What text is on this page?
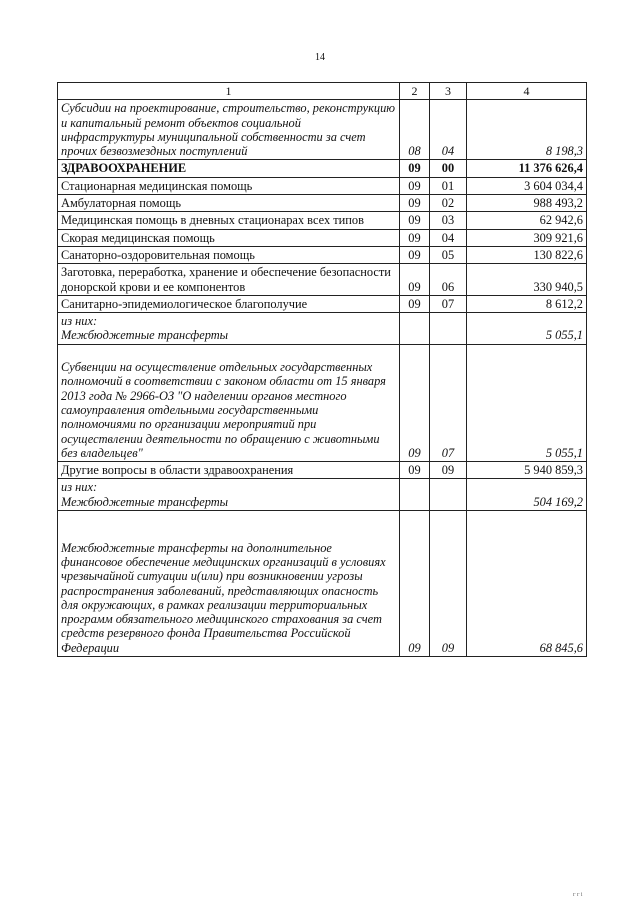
14
1	2	3	4
Субсидии на проектирование, строительство, реконструкцию и капитальный ремонт объектов социальной инфраструктуры муниципальной собственности за счет прочих безвозмездных поступлений	08	04	8 198,3
ЗДРАВООХРАНЕНИЕ	09	00	11 376 626,4
Стационарная медицинская помощь	09	01	3 604 034,4
Амбулаторная помощь	09	02	988 493,2
Медицинская помощь в дневных стационарах всех типов	09	03	62 942,6
Скорая медицинская помощь	09	04	309 921,6
Санаторно-оздоровительная помощь	09	05	130 822,6
Заготовка, переработка, хранение и обеспечение безопасности донорской крови и ее компонентов	09	06	330 940,5
Санитарно-эпидемиологическое благополучие	09	07	8 612,2
из них:
Межбюджетные трансферты			5 055,1

Субвенции на осуществление отдельных государственных полномочий в соответствии с законом области от 15 января 2013 года № 2966-ОЗ "О наделении органов местного самоуправления отдельными государственными полномочиями по организации мероприятий при осуществлении деятельности по обращению с животными без владельцев"	09	07	5 055,1
Другие вопросы в области здравоохранения	09	09	5 940 859,3
из них:
Межбюджетные трансферты			504 169,2

Межбюджетные трансферты на дополнительное финансовое обеспечение медицинских организаций в условиях чрезвычайной ситуации и(или) при возникновении угрозы распространения заболеваний, представляющих опасность для окружающих, в рамках реализации территориальных программ обязательного медицинского страхования за счет средств резервного фонда Правительства Российской Федерации	09	09	68 845,6
г г і
